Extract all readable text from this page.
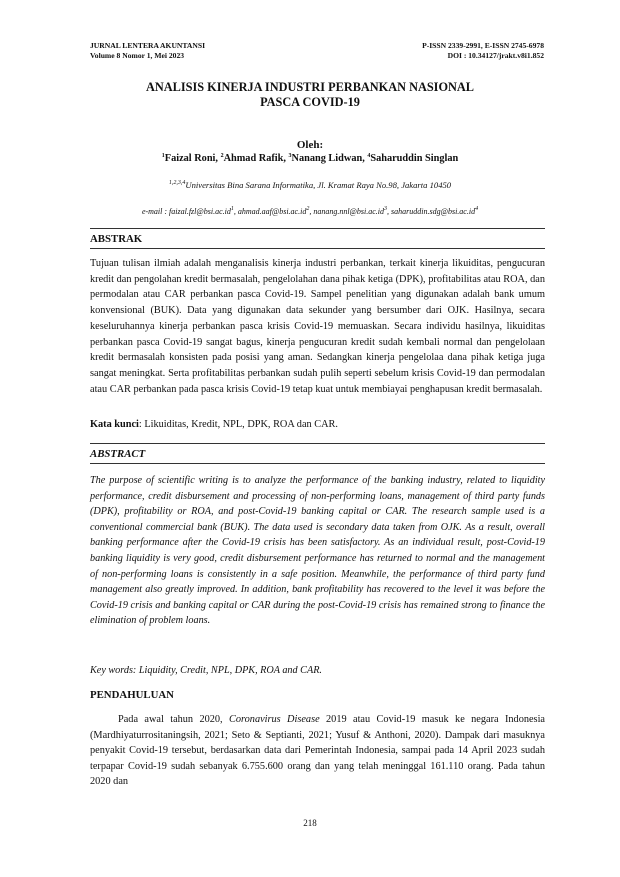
JURNAL LENTERA AKUNTANSI
Volume 8 Nomor 1, Mei 2023
P-ISSN 2339-2991, E-ISSN 2745-6978
DOI : 10.34127/jrakt.v8i1.852
ANALISIS KINERJA INDUSTRI PERBANKAN NASIONAL
PASCA COVID-19
Oleh:
$^1$Faizal Roni, $^2$Ahmad Rafik, $^3$Nanang Lidwan, $^4$Saharuddin Singlan
$^{1,2,3,4}$Universitas Bina Sarana Informatika, Jl. Kramat Raya No.98, Jakarta 10450
e-mail : $faizal.fzl@bsi.ac.id^1$, $ahmad.aaf@bsi.ac.id^2$, $nanang.nnl@bsi.ac.id^3$, $saharuddin.sdg@bsi.ac.id^4$
ABSTRAK
Tujuan tulisan ilmiah adalah menganalisis kinerja industri perbankan, terkait kinerja likuiditas, pengucuran kredit dan pengolahan kredit bermasalah, pengelolahan dana pihak ketiga (DPK), profitabilitas atau ROA, dan permodalan atau CAR perbankan pasca Covid-19. Sampel penelitian yang digunakan adalah bank umum konvensional (BUK). Data yang digunakan data sekunder yang bersumber dari OJK. Hasilnya, secara keseluruhannya kinerja perbankan pasca krisis Covid-19 memuaskan. Secara individu hasilnya, likuiditas perbankan pasca Covid-19 sangat bagus, kinerja pengucuran kredit sudah kembali normal dan pengelolaan kredit bermasalah konsisten pada posisi yang aman. Sedangkan kinerja pengelolaa dana pihak ketiga juga sangat meningkat. Serta profitabilitas perbankan sudah pulih seperti sebelum krisis Covid-19 dan permodalan atau CAR perbankan pada pasca krisis Covid-19 tetap kuat untuk membiayai penghapusan kredit bermasalah.
Kata kunci: Likuiditas, Kredit, NPL, DPK, ROA dan CAR.
ABSTRACT
The purpose of scientific writing is to analyze the performance of the banking industry, related to liquidity performance, credit disbursement and processing of non-performing loans, management of third party funds (DPK), profitability or ROA, and post-Covid-19 banking capital or CAR. The research sample used is a conventional commercial bank (BUK). The data used is secondary data taken from OJK. As a result, overall banking performance after the Covid-19 crisis has been satisfactory. As an individual result, post-Covid-19 banking liquidity is very good, credit disbursement performance has returned to normal and the management of non-performing loans is consistently in a safe position. Meanwhile, the performance of third party fund management also greatly improved. In addition, bank profitability has recovered to the level it was before the Covid-19 crisis and banking capital or CAR during the post-Covid-19 crisis has remained strong to finance the elimination of problem loans.
Key words: Liquidity, Credit, NPL, DPK, ROA and CAR.
PENDAHULUAN
Pada awal tahun 2020, Coronavirus Disease 2019 atau Covid-19 masuk ke negara Indonesia (Mardhiyaturrositaningsih, 2021; Seto & Septianti, 2021; Yusuf & Anthoni, 2020). Dampak dari masuknya penyakit Covid-19 tersebut, berdasarkan data dari Pemerintah Indonesia, sampai pada 14 April 2023 sudah terpapar Covid-19 sudah sebanyak 6.755.600 orang dan yang telah meninggal 161.110 orang. Pada tahun 2020 dan
218
